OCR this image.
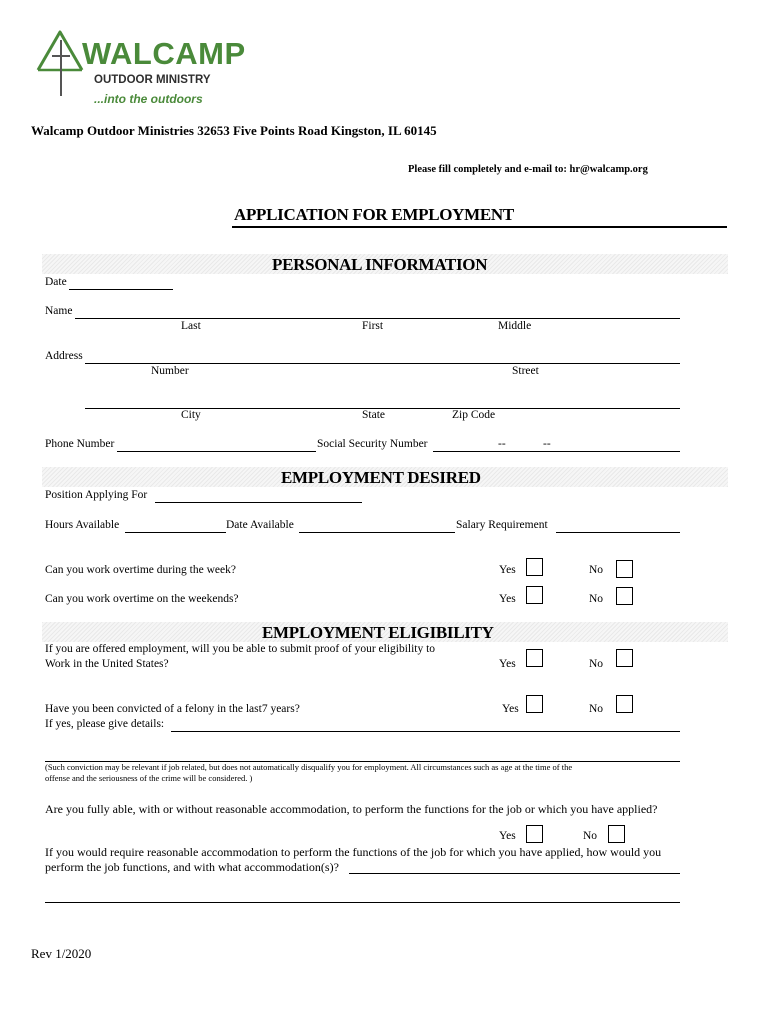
WALCAMP
OUTDOOR MINISTRY
...into the outdoors
Walcamp Outdoor Ministries 32653 Five Points Road Kingston, IL 60145
Please fill completely and e-mail to: hr@walcamp.org
APPLICATION FOR EMPLOYMENT
PERSONAL INFORMATION
Date
Name
Last	First	Middle
Address
Number	Street
City	State	Zip Code
Phone Number	Social Security Number	--	--
EMPLOYMENT DESIRED
Position Applying For
Hours Available	Date Available	Salary Requirement
Can you work overtime during the week?	Yes	No
Can you work overtime on the weekends?	Yes	No
EMPLOYMENT ELIGIBILITY
If you are offered employment, will you be able to submit proof of your eligibility to
Work in the United States?	Yes	No
Have you been convicted of a felony in the last7 years?	Yes	No
If yes, please give details:
(Such conviction may be relevant if job related, but does not automatically disqualify you for employment. All circumstances such as age at the time of the
offense and the seriousness of the crime will be considered. )
Are you fully able, with or without reasonable accommodation, to perform the functions for the job or which you have applied?
Yes	No
If you would require reasonable accommodation to perform the functions of the job for which you have applied, how would you
perform the job functions, and with what accommodation(s)?
Rev 1/2020
